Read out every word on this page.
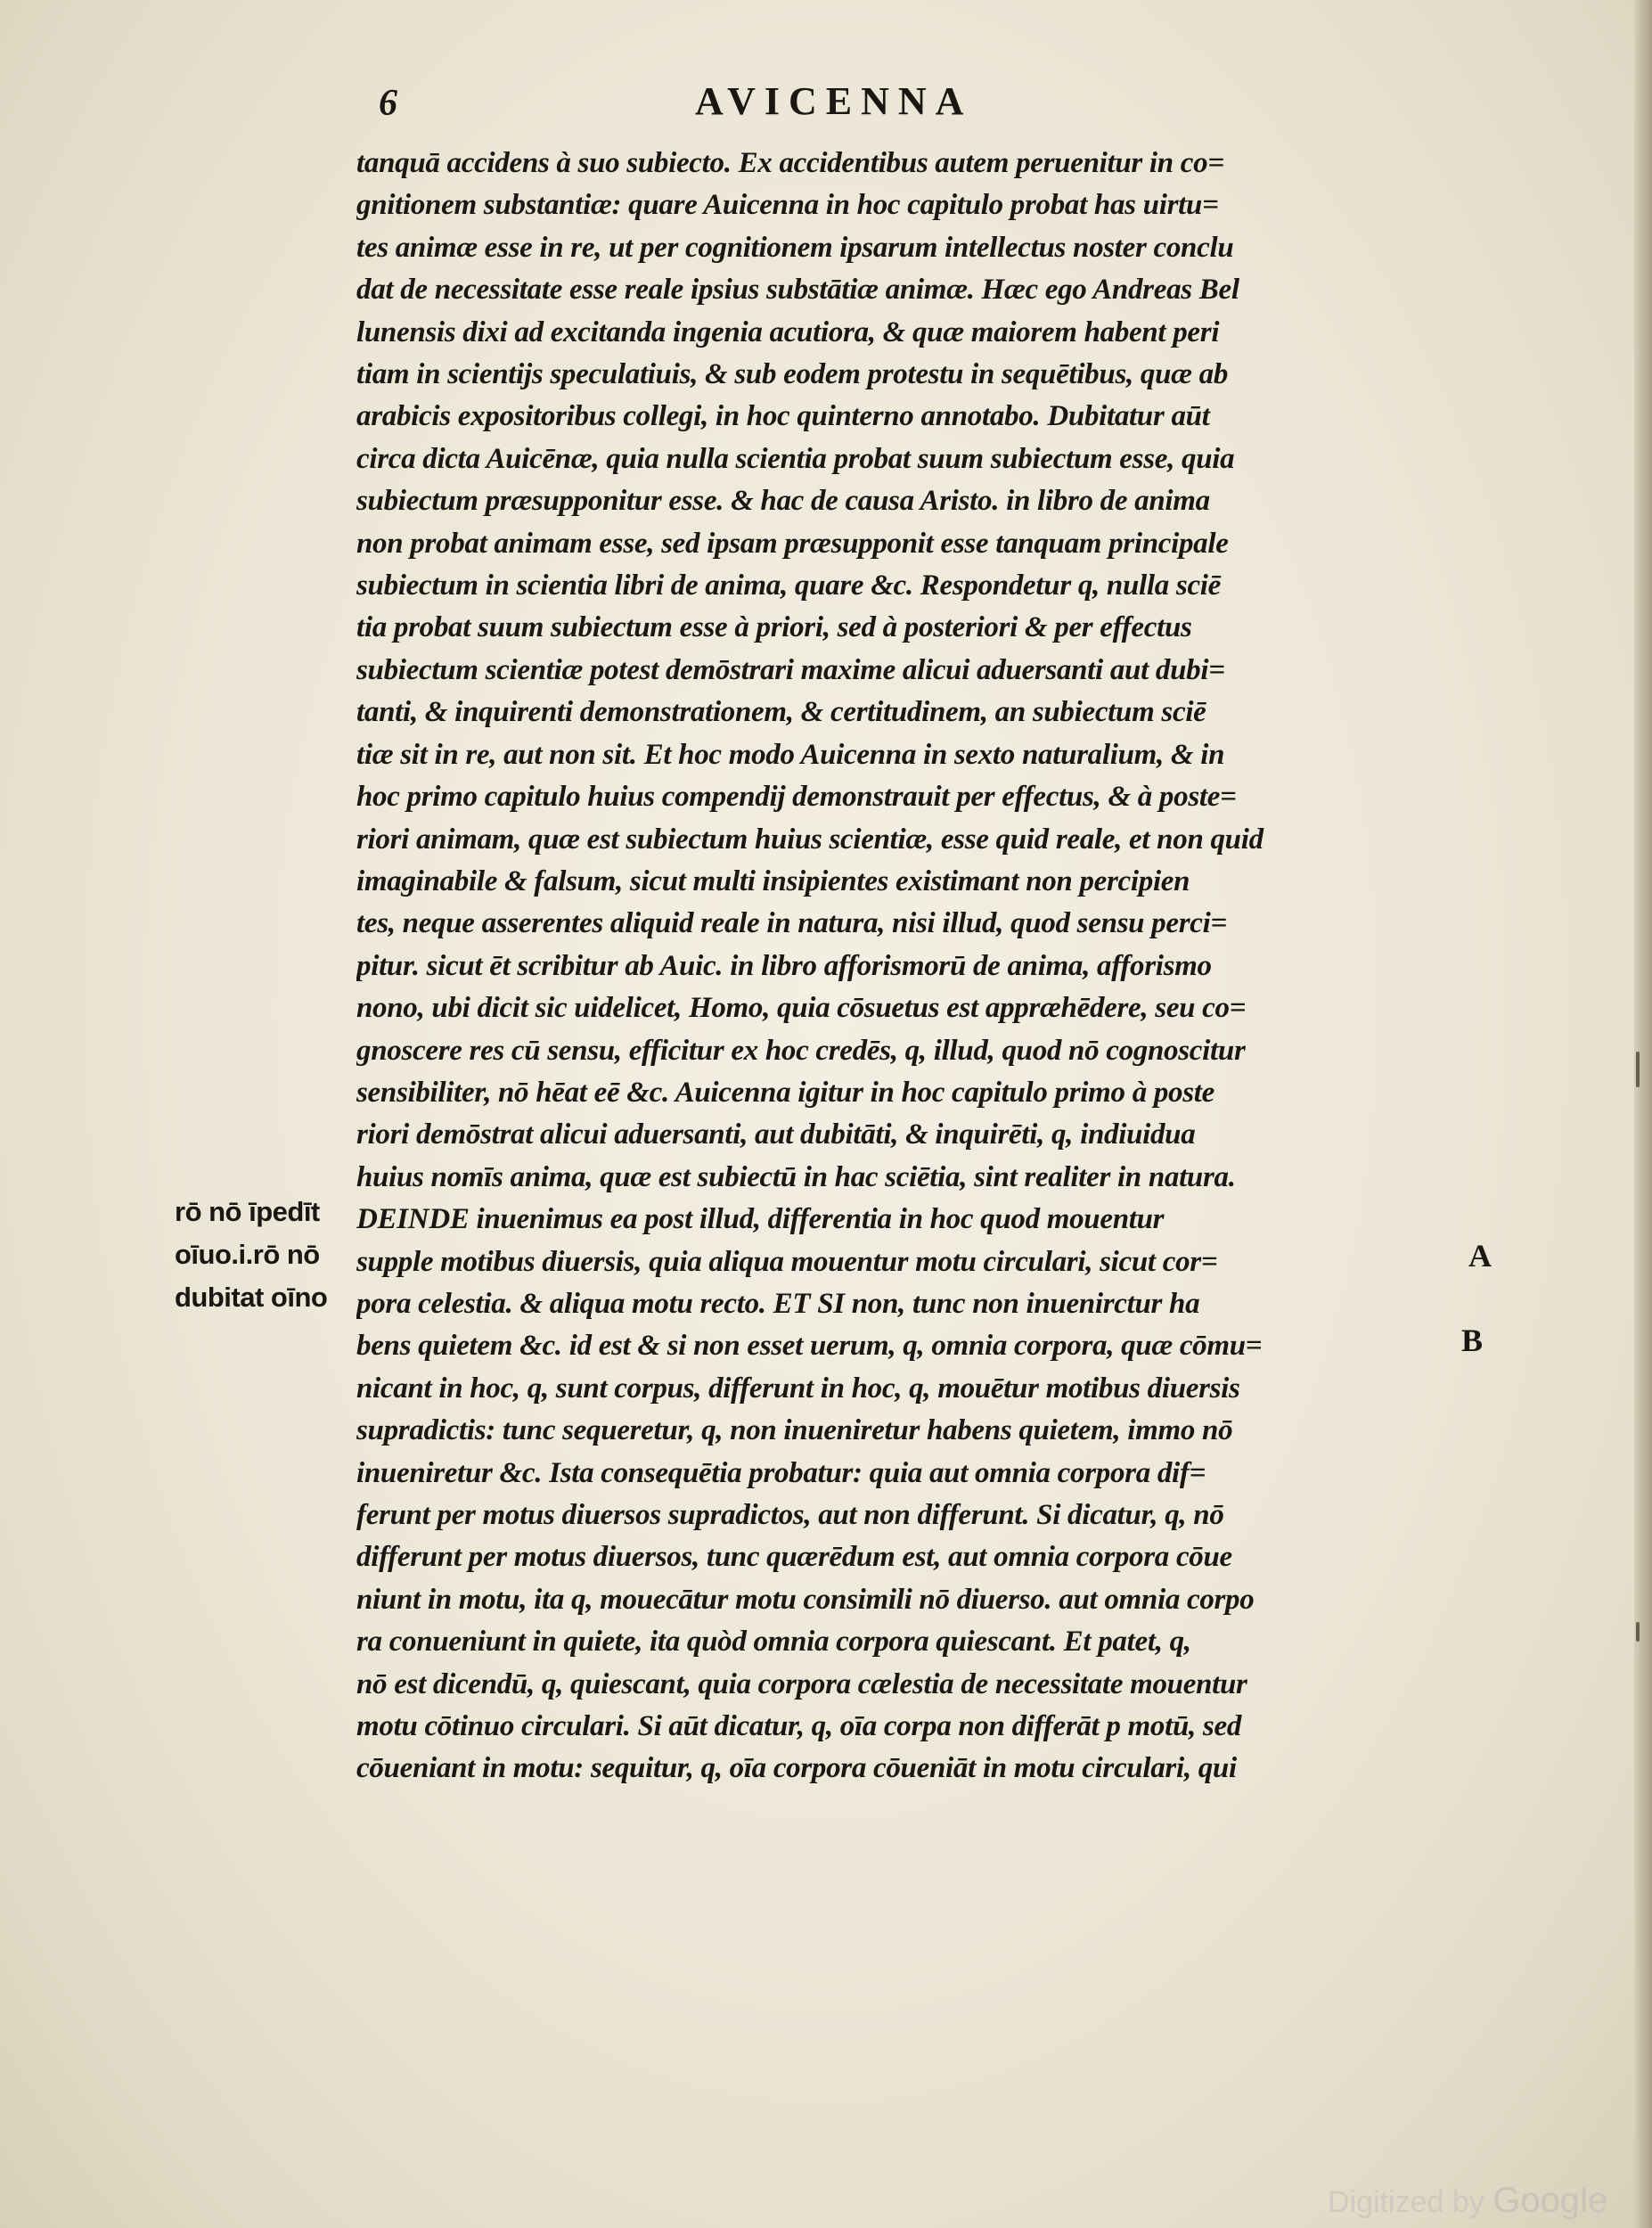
6	AVICENNA
tanquā accidens à suo subiecto. Ex accidentibus autem peruenitur in co=
gnitionem substantiæ: quare Auicenna in hoc capitulo probat has uirtu=
tes animæ esse in re, ut per cognitionem ipsarum intellectus noster conclu
dat de necessitate esse reale ipsius substātiæ animæ. Hæc ego Andreas Bel
lunensis dixi ad excitanda ingenia acutiora, & quæ maiorem habent peri
tiam in scientijs speculatiuis, & sub eodem protestu in sequētibus, quæ ab
arabicis expositoribus collegi, in hoc quinterno annotabo. Dubitatur aūt
circa dicta Auicēnæ, quia nulla scientia probat suum subiectum esse, quia
subiectum præsupponitur esse. & hac de causa Aristo. in libro de anima
non probat animam esse, sed ipsam præsupponit esse tanquam principale
subiectum in scientia libri de anima, quare &c. Respondetur q, nulla sciē
tia probat suum subiectum esse à priori, sed à posteriori & per effectus
subiectum scientiæ potest demōstrari maxime alicui aduersanti aut dubi=
tanti, & inquirenti demonstrationem, & certitudinem, an subiectum sciē
tiæ sit in re, aut non sit. Et hoc modo Auicenna in sexto naturalium, & in
hoc primo capitulo huius compendij demonstrauit per effectus, & à poste=
riori animam, quæ est subiectum huius scientiæ, esse quid reale, et non quid
imaginabile & falsum, sicut multi insipientes existimant non percipien
tes, neque asserentes aliquid reale in natura, nisi illud, quod sensu perci=
pitur. sicut ēt scribitur ab Auic. in libro afforismorū de anima, afforismo
nono, ubi dicit sic uidelicet, Homo, quia cōsuetus est appræhēdere, seu co=
gnoscere res cū sensu, efficitur ex hoc credēs, q, illud, quod nō cognoscitur
sensibiliter, nō hēat eē &c. Auicenna igitur in hoc capitulo primo à poste
riori demōstrat alicui aduersanti, aut dubitāti, & inquirēti, q, indiuidua
huius nomīs anima, quæ est subiectū in hac sciētia, sint realiter in natura.
DEINDE inuenimus ea post illud, differentia in hoc quod mouentur
supple motibus diuersis, quia aliqua mouentur motu circulari, sicut cor=
pora celestia. & aliqua motu recto. ET SI non, tunc non inuenirctur ha
bens quietem &c. id est & si non esset uerum, q, omnia corpora, quæ cōmu=
nicant in hoc, q, sunt corpus, differunt in hoc, q, mouētur motibus diuersis
supradictis: tunc sequeretur, q, non inueniretur habens quietem, immo nō
inueniretur &c. Ista consequētia probatur: quia aut omnia corpora dif=
ferunt per motus diuersos supradictos, aut non differunt. Si dicatur, q, nō
differunt per motus diuersos, tunc quærēdum est, aut omnia corpora cōue
niunt in motu, ita q, mouecātur motu consimili nō diuerso. aut omnia corpo
ra conueniunt in quiete, ita quòd omnia corpora quiescant. Et patet, q,
nō est dicendū, q, quiescant, quia corpora cælestia de necessitate mouentur
motu cōtinuo circulari. Si aūt dicatur, q, oīa corpa non differāt p motū, sed
cōueniant in motu: sequitur, q, oīa corpora cōueniāt in motu circulari, qui
rō nō īpedīt
oīuo.i.rō nō
dubitat oīno
A
B
Digitized by Google
